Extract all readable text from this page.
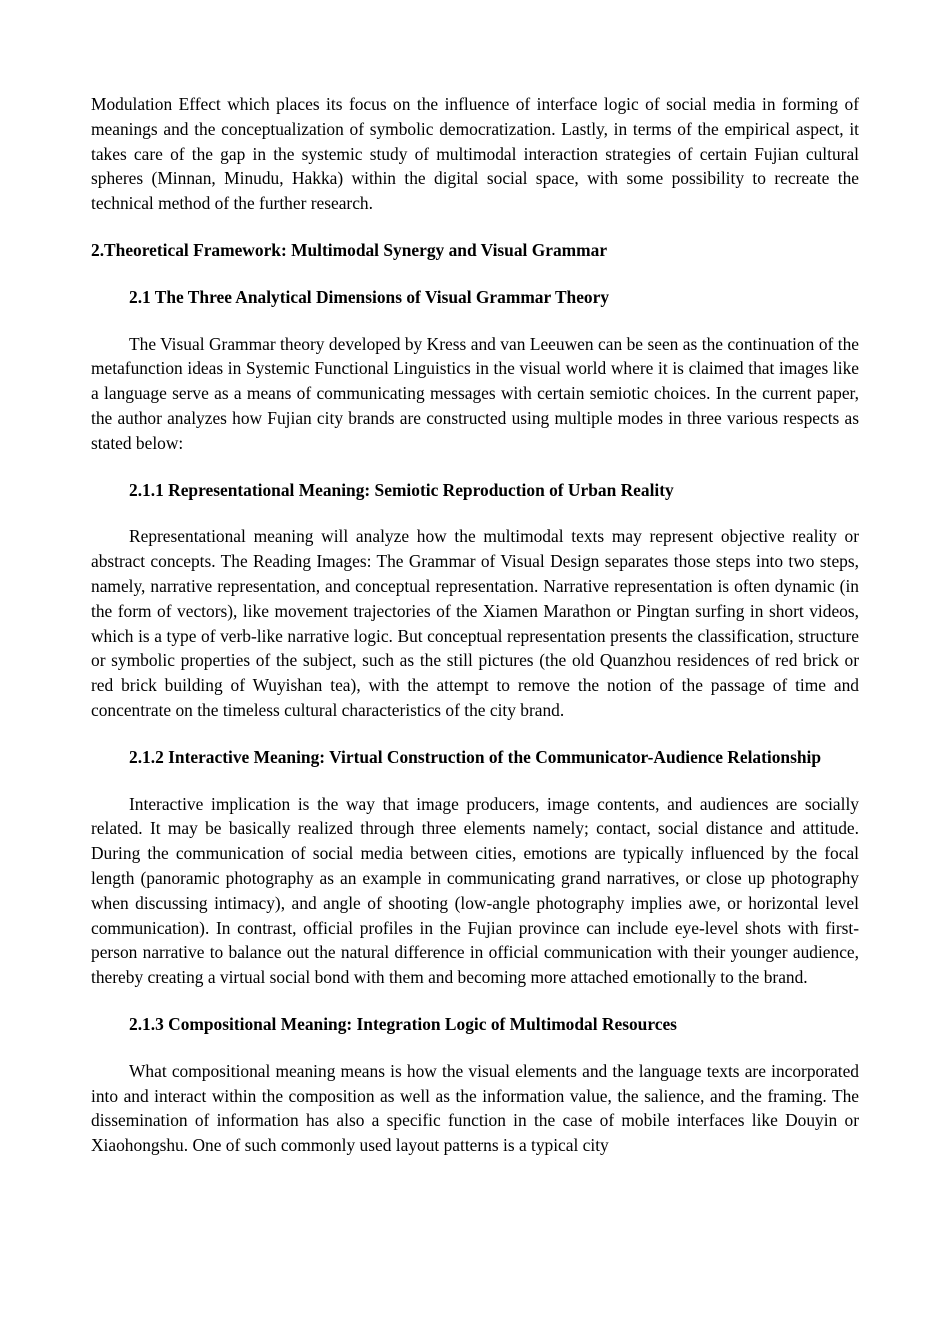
Modulation Effect which places its focus on the influence of interface logic of social media in forming of meanings and the conceptualization of symbolic democratization. Lastly, in terms of the empirical aspect, it takes care of the gap in the systemic study of multimodal interaction strategies of certain Fujian cultural spheres (Minnan, Minudu, Hakka) within the digital social space, with some possibility to recreate the technical method of the further research.

2.Theoretical Framework: Multimodal Synergy and Visual Grammar
2.1 The Three Analytical Dimensions of Visual Grammar Theory

The Visual Grammar theory developed by Kress and van Leeuwen can be seen as the continuation of the metafunction ideas in Systemic Functional Linguistics in the visual world where it is claimed that images like a language serve as a means of communicating messages with certain semiotic choices. In the current paper, the author analyzes how Fujian city brands are constructed using multiple modes in three various respects as stated below:

2.1.1 Representational Meaning: Semiotic Reproduction of Urban Reality

Representational meaning will analyze how the multimodal texts may represent objective reality or abstract concepts. The Reading Images: The Grammar of Visual Design separates those steps into two steps, namely, narrative representation, and conceptual representation. Narrative representation is often dynamic (in the form of vectors), like movement trajectories of the Xiamen Marathon or Pingtan surfing in short videos, which is a type of verb-like narrative logic. But conceptual representation presents the classification, structure or symbolic properties of the subject, such as the still pictures (the old Quanzhou residences of red brick or red brick building of Wuyishan tea), with the attempt to remove the notion of the passage of time and concentrate on the timeless cultural characteristics of the city brand.

2.1.2 Interactive Meaning: Virtual Construction of the Communicator-Audience Relationship

Interactive implication is the way that image producers, image contents, and audiences are socially related. It may be basically realized through three elements namely; contact, social distance and attitude. During the communication of social media between cities, emotions are typically influenced by the focal length (panoramic photography as an example in communicating grand narratives, or close up photography when discussing intimacy), and angle of shooting (low-angle photography implies awe, or horizontal level communication). In contrast, official profiles in the Fujian province can include eye-level shots with first-person narrative to balance out the natural difference in official communication with their younger audience, thereby creating a virtual social bond with them and becoming more attached emotionally to the brand.

2.1.3 Compositional Meaning: Integration Logic of Multimodal Resources

What compositional meaning means is how the visual elements and the language texts are incorporated into and interact within the composition as well as the information value, the salience, and the framing. The dissemination of information has also a specific function in the case of mobile interfaces like Douyin or Xiaohongshu. One of such commonly used layout patterns is a typical city
